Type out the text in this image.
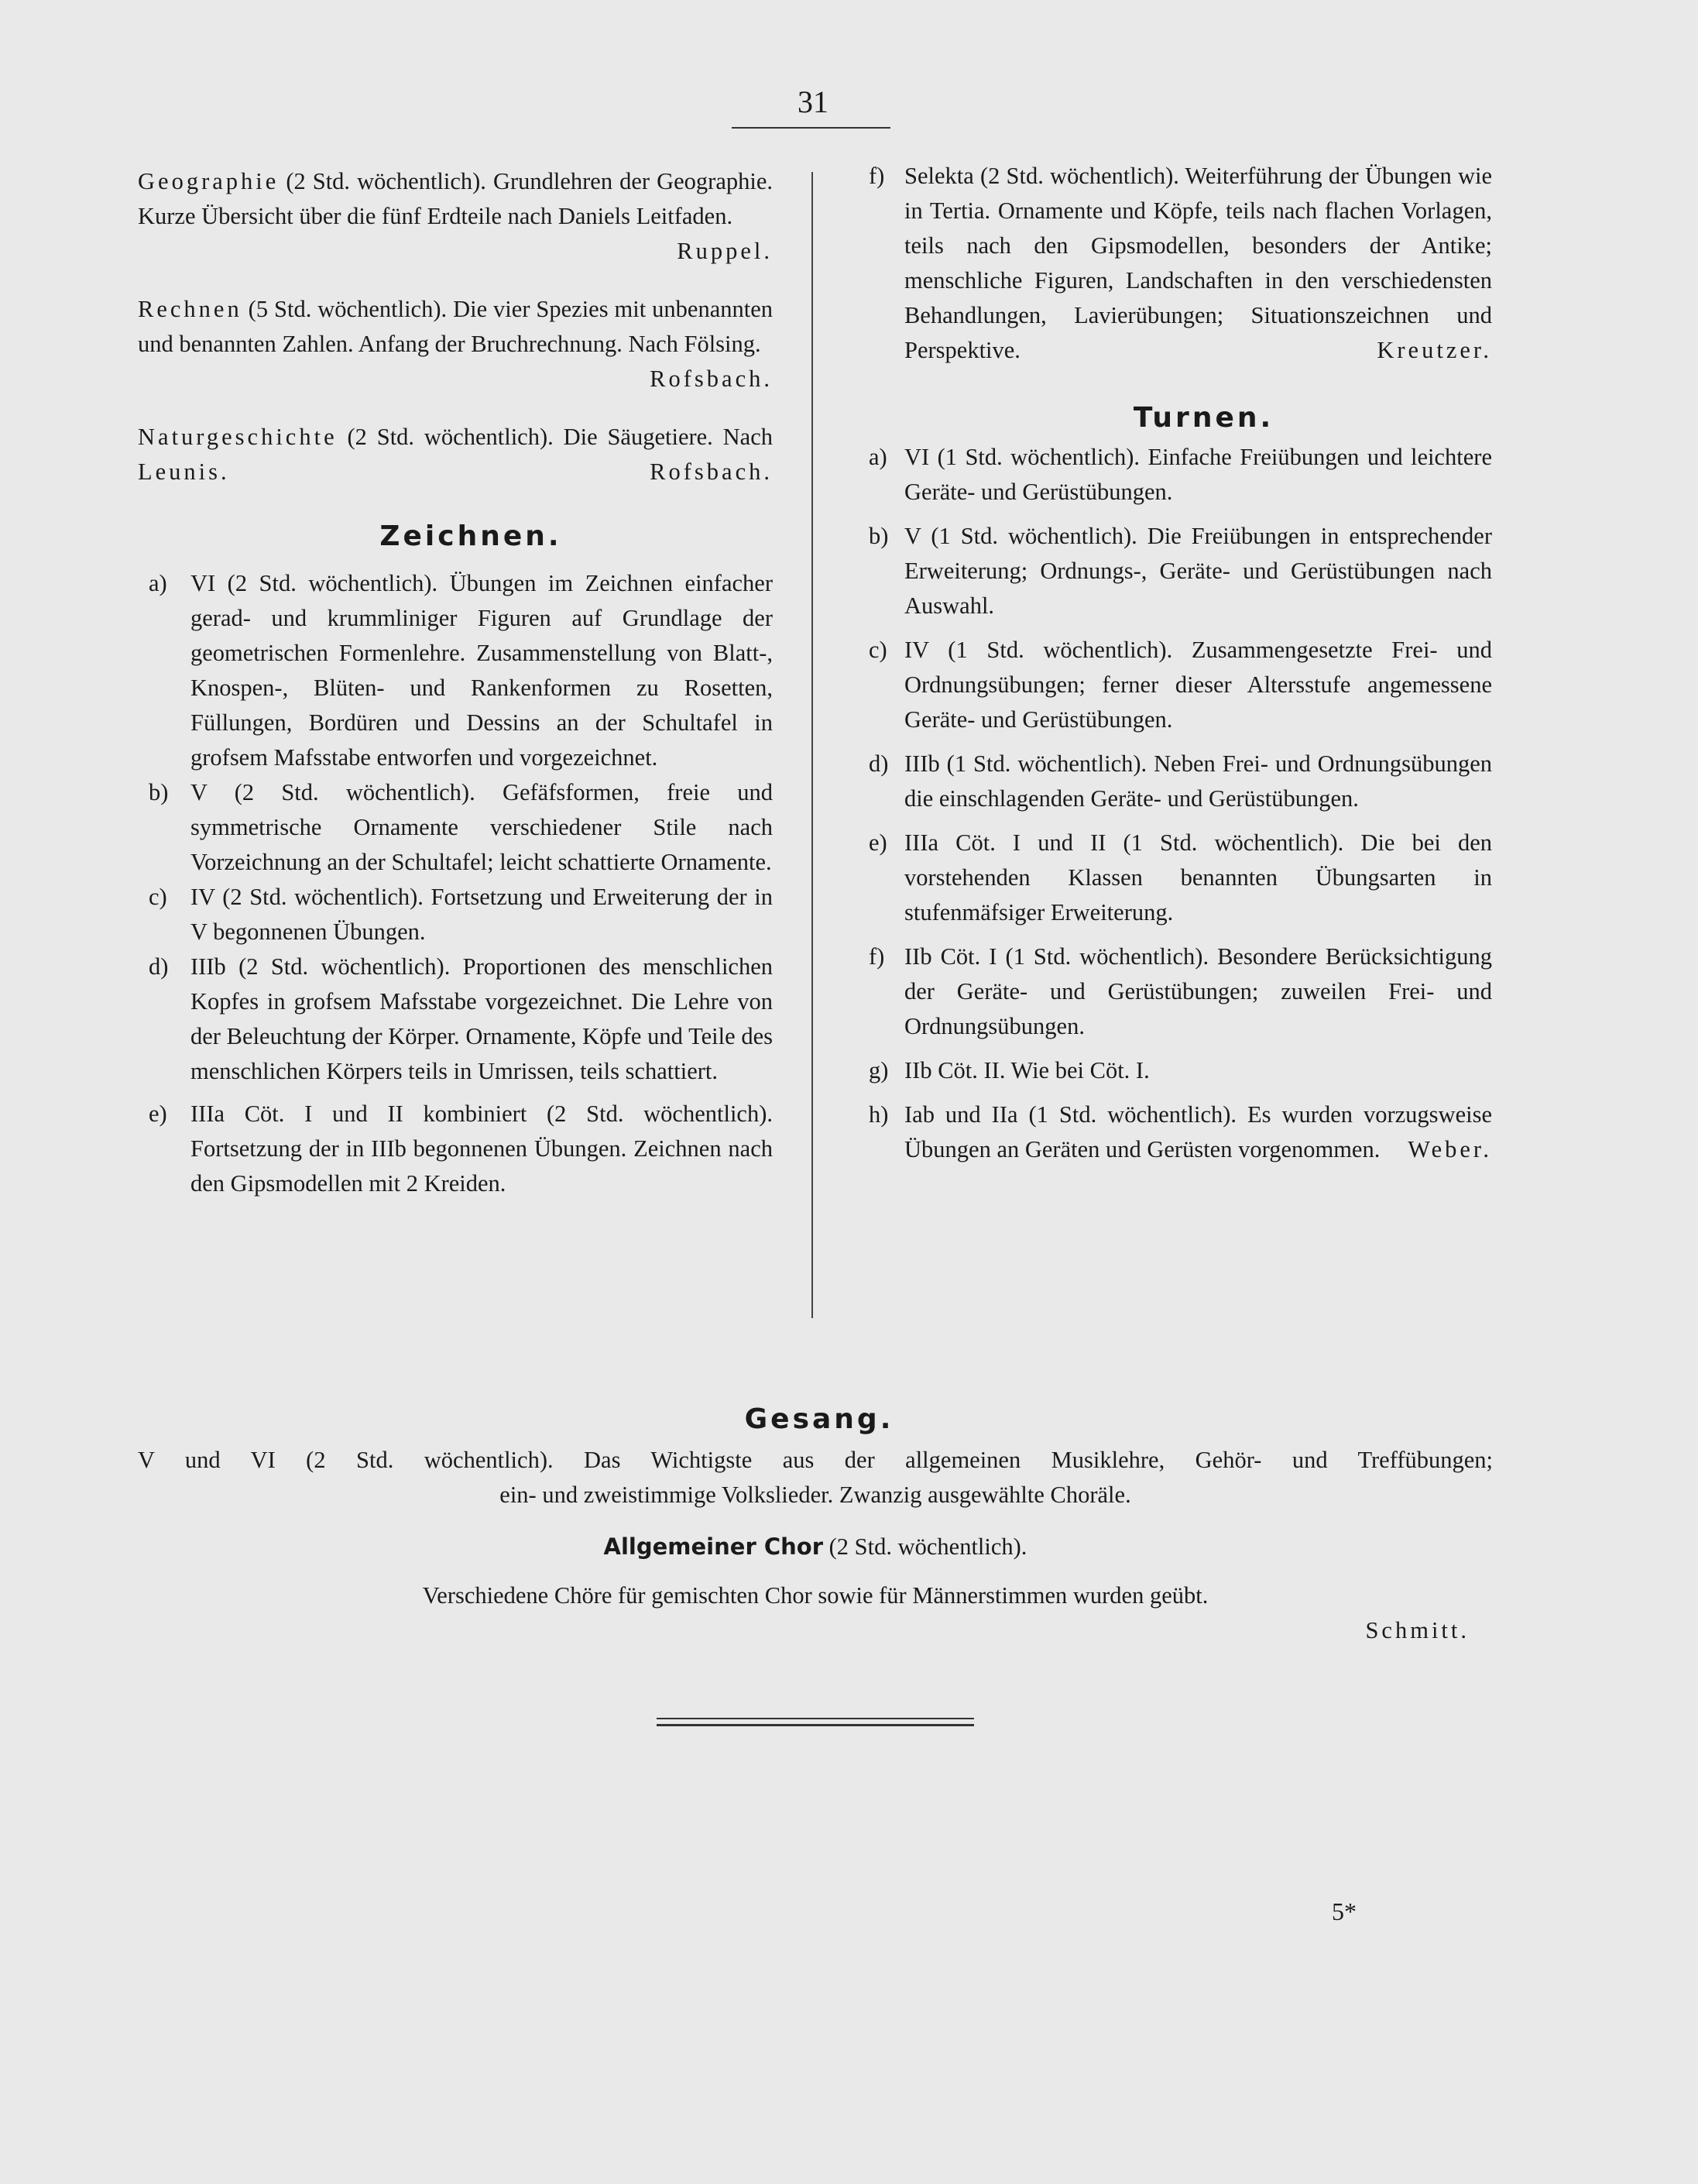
31
Geographie (2 Std. wöchentlich). Grundlehren der Geographie. Kurze Übersicht über die fünf Erdteile nach Daniels Leitfaden.
Ruppel.
Rechnen (5 Std. wöchentlich). Die vier Spezies mit unbenannten und benannten Zahlen. Anfang der Bruchrechnung. Nach Fölsing.
Rofsbach.
Naturgeschichte (2 Std. wöchentlich). Die Säugetiere. Nach Leunis.	Rofsbach.
Zeichnen.
a) VI (2 Std. wöchentlich). Übungen im Zeichnen einfacher gerad- und krummliniger Figuren auf Grundlage der geometrischen Formenlehre. Zusammenstellung von Blatt-, Knospen-, Blüten- und Rankenformen zu Rosetten, Füllungen, Bordüren und Dessins an der Schultafel in grofsem Mafsstabe entworfen und vorgezeichnet.
b) V (2 Std. wöchentlich). Gefäfsformen, freie und symmetrische Ornamente verschiedener Stile nach Vorzeichnung an der Schultafel; leicht schattierte Ornamente.
c) IV (2 Std. wöchentlich). Fortsetzung und Erweiterung der in V begonnenen Übungen.
d) IIIb (2 Std. wöchentlich). Proportionen des menschlichen Kopfes in grofsem Mafsstabe vorgezeichnet. Die Lehre von der Beleuchtung der Körper. Ornamente, Köpfe und Teile des menschlichen Körpers teils in Umrissen, teils schattiert.
e) IIIa Cöt. I und II kombiniert (2 Std. wöchentlich). Fortsetzung der in IIIb begonnenen Übungen. Zeichnen nach den Gipsmodellen mit 2 Kreiden.
f) Selekta (2 Std. wöchentlich). Weiterführung der Übungen wie in Tertia. Ornamente und Köpfe, teils nach flachen Vorlagen, teils nach den Gipsmodellen, besonders der Antike; menschliche Figuren, Landschaften in den verschiedensten Behandlungen, Lavierübungen; Situationszeichnen und Perspektive.	Kreutzer.
Turnen.
a) VI (1 Std. wöchentlich). Einfache Freiübungen und leichtere Geräte- und Gerüstübungen.
b) V (1 Std. wöchentlich). Die Freiübungen in entsprechender Erweiterung; Ordnungs-, Geräte- und Gerüstübungen nach Auswahl.
c) IV (1 Std. wöchentlich). Zusammengesetzte Frei- und Ordnungsübungen; ferner dieser Altersstufe angemessene Geräte- und Gerüstübungen.
d) IIIb (1 Std. wöchentlich). Neben Frei- und Ordnungsübungen die einschlagenden Geräte- und Gerüstübungen.
e) IIIa Cöt. I und II (1 Std. wöchentlich). Die bei den vorstehenden Klassen benannten Übungsarten in stufenmäfsiger Erweiterung.
f) IIb Cöt. I (1 Std. wöchentlich). Besondere Berücksichtigung der Geräte- und Gerüstübungen; zuweilen Frei- und Ordnungsübungen.
g) IIb Cöt. II. Wie bei Cöt. I.
h) Iab und IIa (1 Std. wöchentlich). Es wurden vorzugsweise Übungen an Geräten und Gerüsten vorgenommen. Weber.
Gesang.
V und VI (2 Std. wöchentlich). Das Wichtigste aus der allgemeinen Musiklehre, Gehör- und Treffübungen;
ein- und zweistimmige Volkslieder. Zwanzig ausgewählte Choräle.
Allgemeiner Chor (2 Std. wöchentlich).
Verschiedene Chöre für gemischten Chor sowie für Männerstimmen wurden geübt.
Schmitt.
5*
